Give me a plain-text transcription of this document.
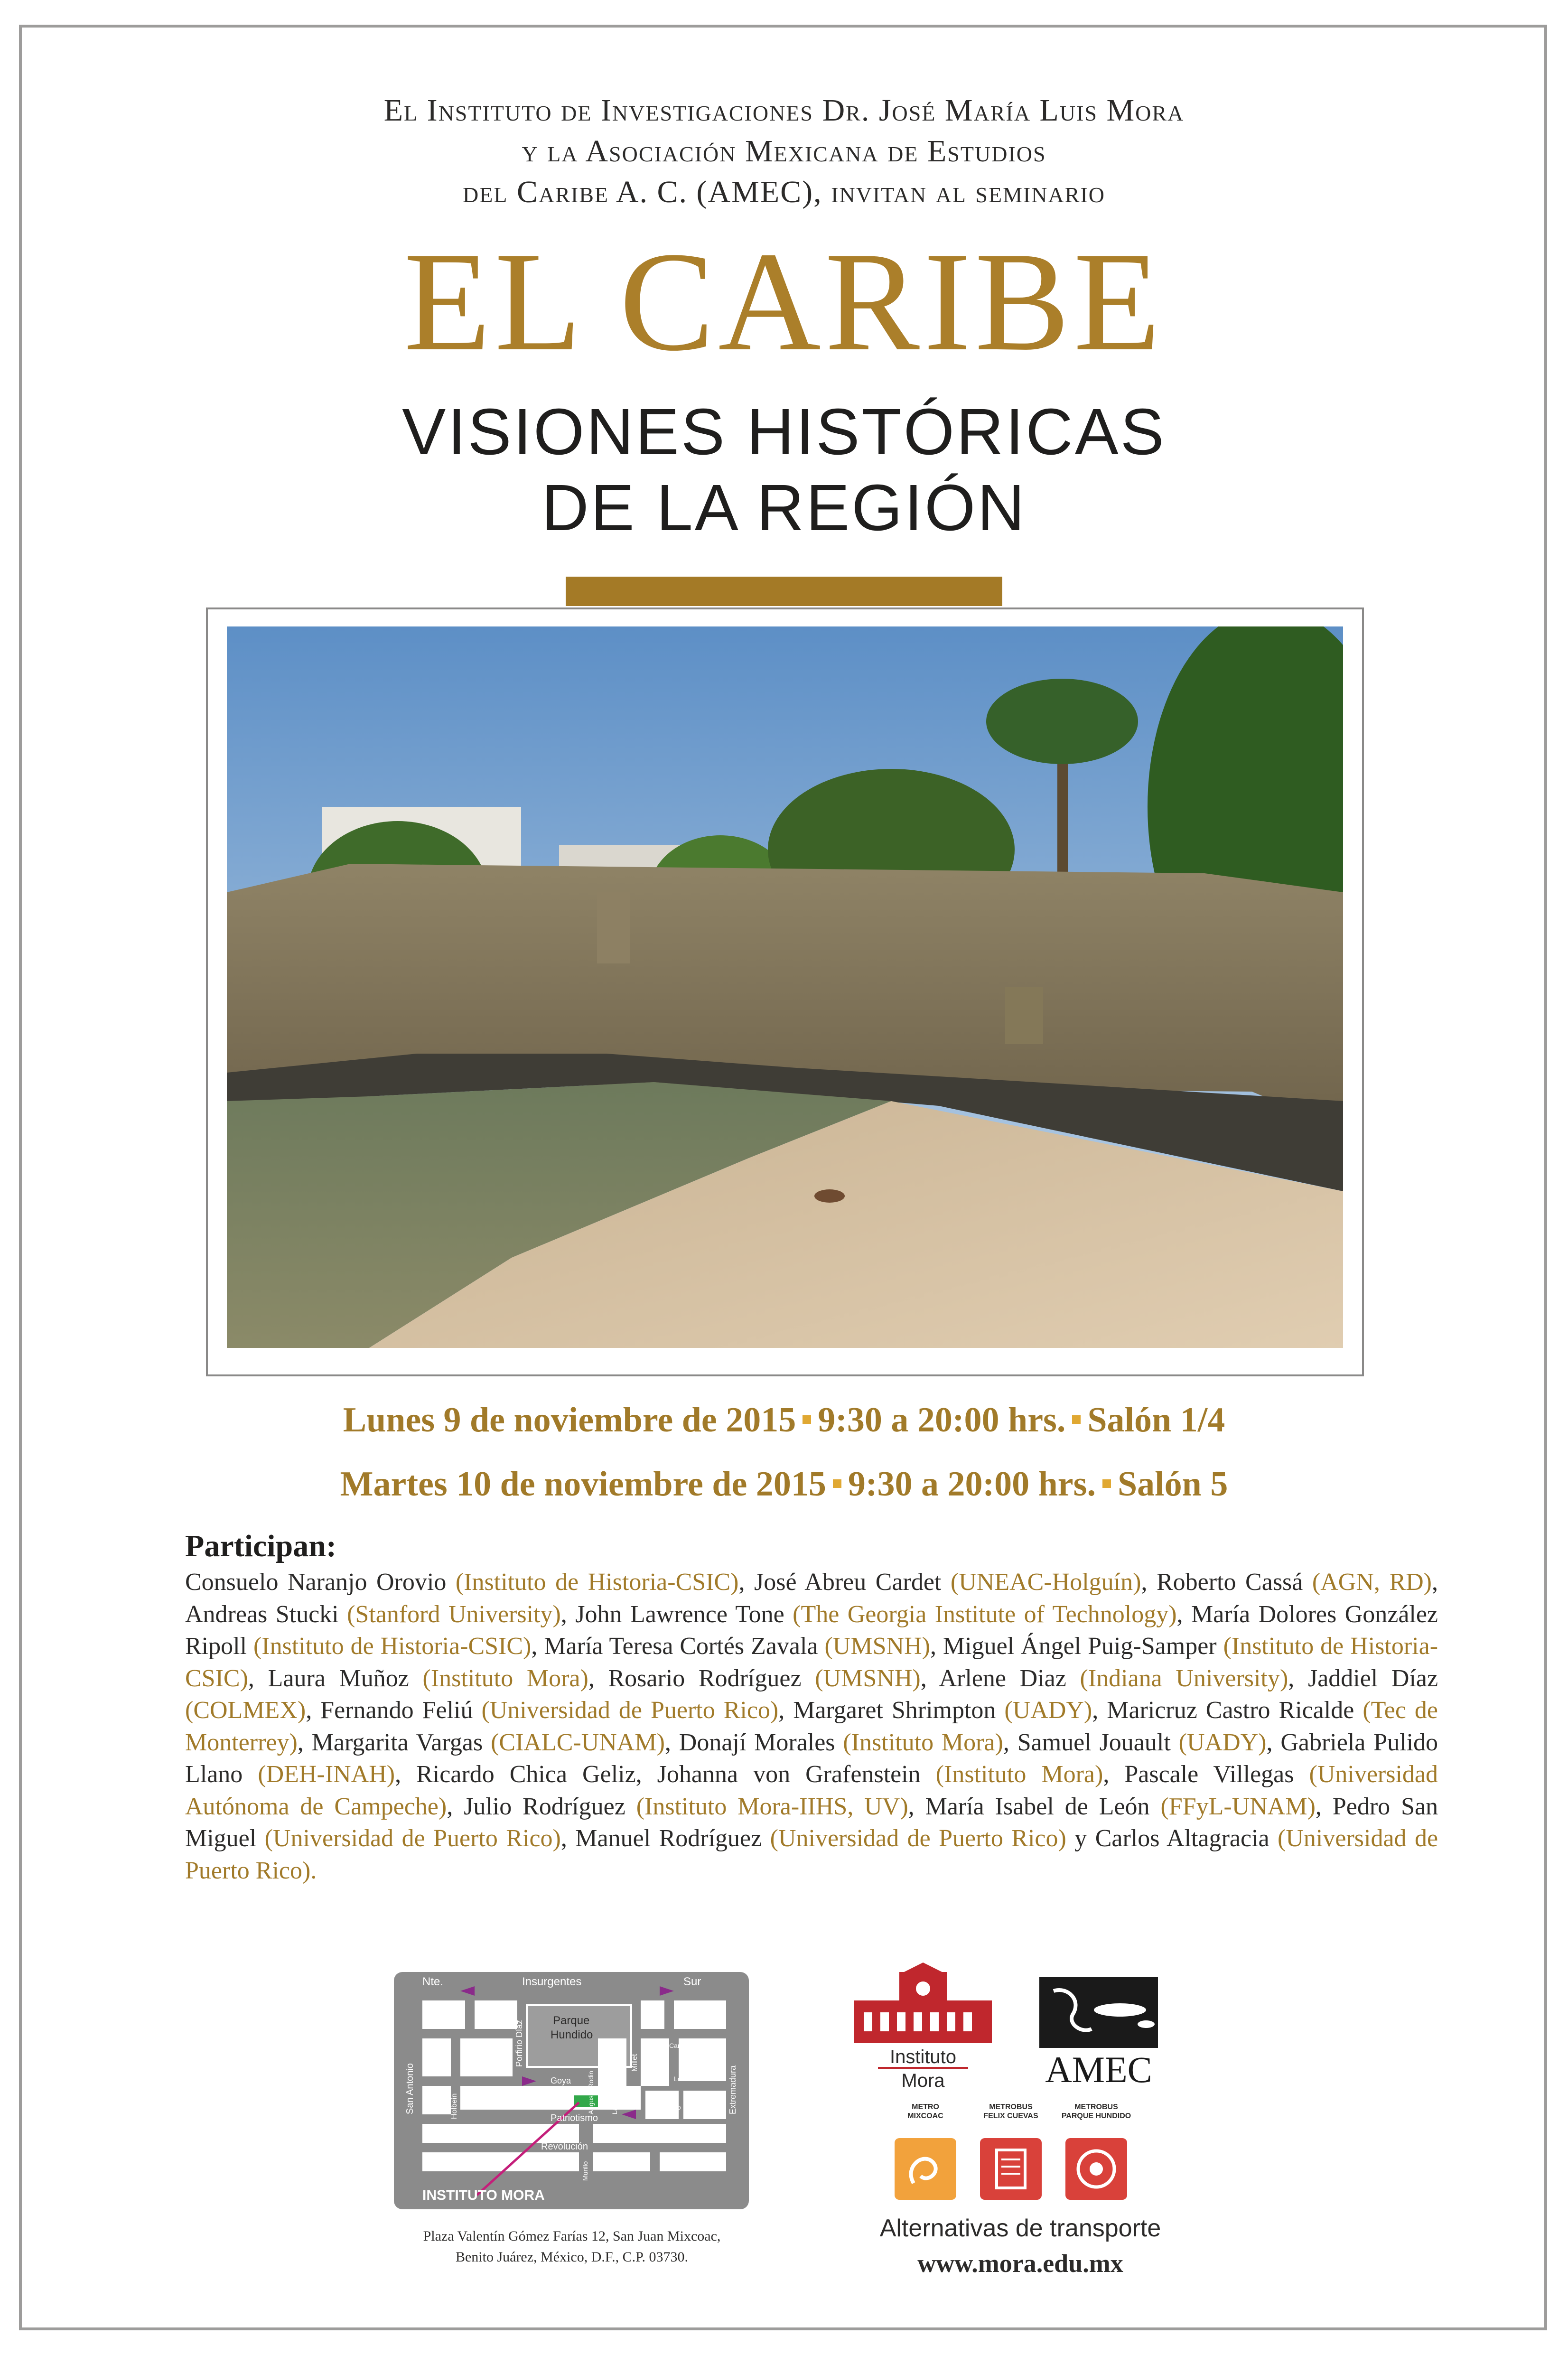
El Instituto de Investigaciones Dr. José María Luis Mora
y la Asociación Mexicana de Estudios
del Caribe A. C. (AMEC), invitan al seminario
EL CARIBE
VISIONES HISTÓRICAS
DE LA REGIÓN
Lunes 9 de noviembre de 2015 9:30 a 20:00 hrs. Salón 1/4
Martes 10 de noviembre de 2015 9:30 a 20:00 hrs. Salón 5
Participan:
Consuelo Naranjo Orovio (Instituto de Historia-CSIC), José Abreu Cardet (UNEAC-Holguín), Roberto Cassá (AGN, RD), Andreas Stucki (Stanford University), John Lawrence Tone (The Georgia Institute of Technology), María Dolores González Ripoll (Instituto de Historia-CSIC), María Teresa Cortés Zavala (UMSNH), Miguel Ángel Puig-Samper (Instituto de Historia-CSIC), Laura Muñoz (Instituto Mora), Rosario Rodríguez (UMSNH), Arlene Diaz (Indiana University), Jaddiel Díaz (COLMEX), Fernando Feliú (Universidad de Puerto Rico), Margaret Shrimpton (UADY), Maricruz Castro Ricalde (Tec de Monterrey), Margarita Vargas (CIALC-UNAM), Donají Morales (Instituto Mora), Samuel Jouault (UADY), Gabriela Pulido Llano (DEH-INAH), Ricardo Chica Geliz, Johanna von Grafenstein (Instituto Mora), Pascale Villegas (Universidad Autónoma de Campeche), Julio Rodríguez (Instituto Mora-IIHS, UV), María Isabel de León (FFyL-UNAM), Pedro San Miguel (Universidad de Puerto Rico), Manuel Rodríguez (Universidad de Puerto Rico) y Carlos Altagracia (Universidad de Puerto Rico).
Nte.	Insurgentes	Sur
Parque
Hundido
Goya
Patriotismo
Revolución
San Antonio
Porfirio Díaz
Holbein
Millet
Extremadura
Murillo
Augusto Rodin La Paz
Carracci
Leonardo
Mercaderes
Rubens
Tiziano
INSTITUTO MORA
Plaza Valentín Gómez Farías 12, San Juan Mixcoac,
Benito Juárez, México, D.F., C.P. 03730.
Instituto
Mora	AMEC
METRO
MIXCOAC
METROBUS
FELIX CUEVAS
METROBUS
PARQUE HUNDIDO
Alternativas de transporte
www.mora.edu.mx
